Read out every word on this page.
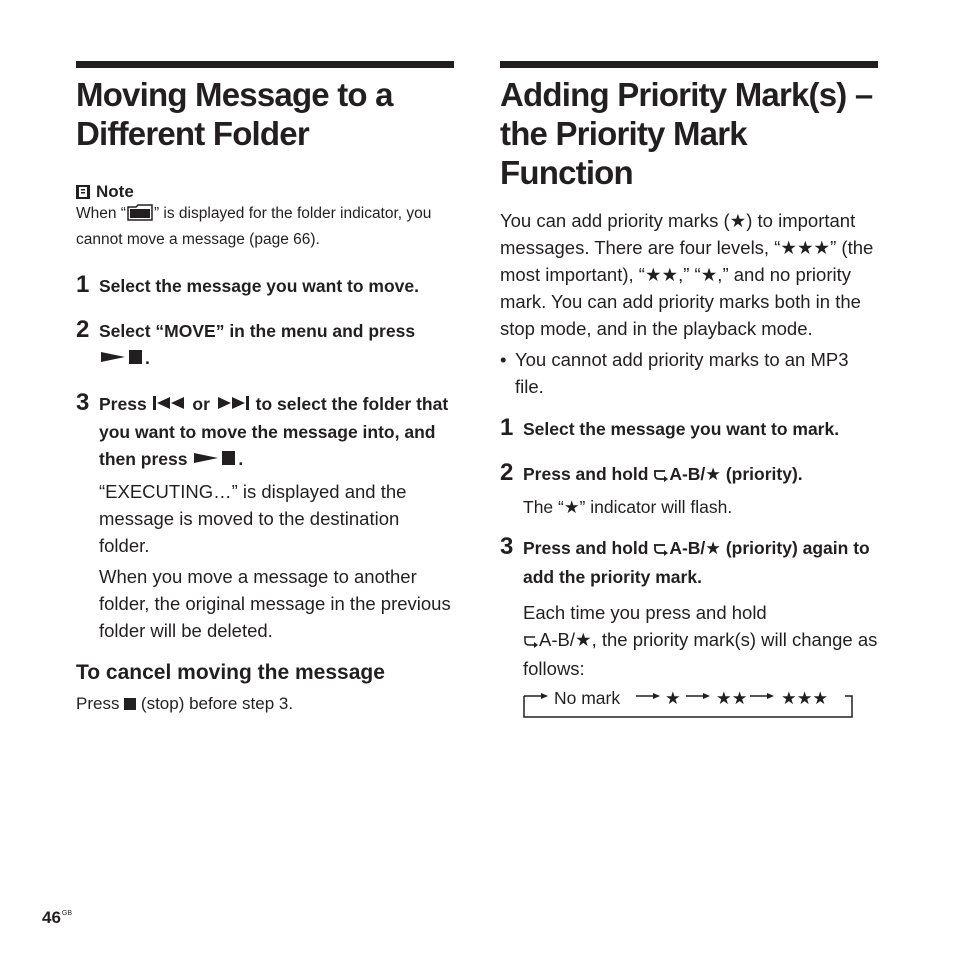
Moving Message to a Different Folder
Note
When “ ” is displayed for the folder indicator, you cannot move a message (page 66).
1 Select the message you want to move.
2 Select “MOVE” in the menu and press .
3 Press  or  to select the folder that you want to move the message into, and then press	.
“EXECUTING…” is displayed and the message is moved to the destination folder.
When you move a message to another folder, the original message in the previous folder will be deleted.
To cancel moving the message
Press  (stop) before step 3.
Adding Priority Mark(s) – the Priority Mark Function
You can add priority marks (★) to important messages. There are four levels, “★★★” (the most important), “★★,” “★,” and no priority mark. You can add priority marks both in the stop mode, and in the playback mode.
• You cannot add priority marks to an MP3 file.
1 Select the message you want to mark.
2 Press and hold A-B/★ (priority).
The “★” indicator will flash.
3 Press and hold A-B/★ (priority) again to add the priority mark.
Each time you press and hold
A-B/★, the priority mark(s) will change as follows:
No mark	★ ★★ ★★★
$46^{GB}$
